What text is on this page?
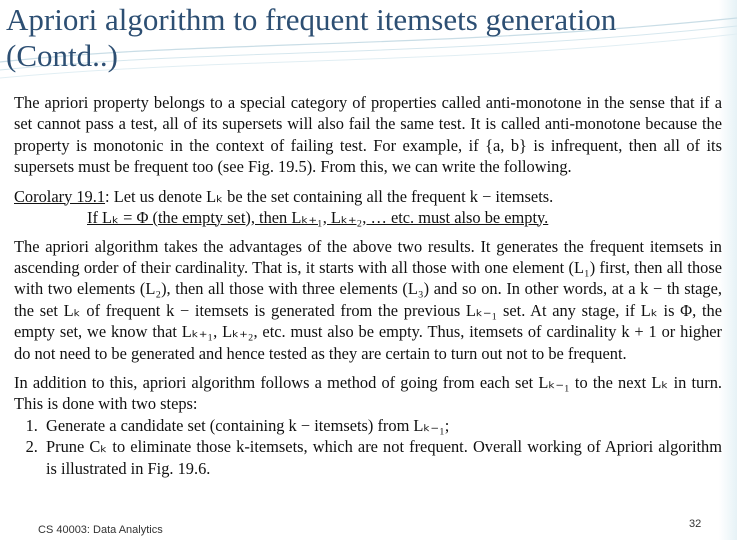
Apriori algorithm to frequent itemsets generation
(Contd..)

The apriori property belongs to a special category of properties called anti-monotone in the sense that if a set cannot pass a test, all of its supersets will also fail the same test. It is called anti-monotone because the property is monotonic in the context of failing test. For example, if {a, b} is infrequent, then all of its supersets must be frequent too (see Fig. 19.5). From this, we can write the following.

Corolary 19.1: Let us denote Lₖ be the set containing all the frequent k − itemsets.
If Lₖ = Φ (the empty set), then Lₖ₊₁, Lₖ₊₂, … etc. must also be empty.

The apriori algorithm takes the advantages of the above two results. It generates the frequent itemsets in ascending order of their cardinality. That is, it starts with all those with one element (L₁) first, then all those with two elements (L₂), then all those with three elements (L₃) and so on. In other words, at a k − th stage, the set Lₖ of frequent k − itemsets is generated from the previous Lₖ₋₁ set. At any stage, if Lₖ is Φ, the empty set, we know that Lₖ₊₁, Lₖ₊₂, etc. must also be empty. Thus, itemsets of cardinality k + 1 or higher do not need to be generated and hence tested as they are certain to turn out not to be frequent.

In addition to this, apriori algorithm follows a method of going from each set Lₖ₋₁ to the next Lₖ in turn. This is done with two steps:

1. Generate a candidate set (containing k − itemsets) from Lₖ₋₁;
2. Prune Cₖ to eliminate those k-itemsets, which are not frequent. Overall working of Apriori algorithm is illustrated in Fig. 19.6.
CS 40003: Data Analytics	32
